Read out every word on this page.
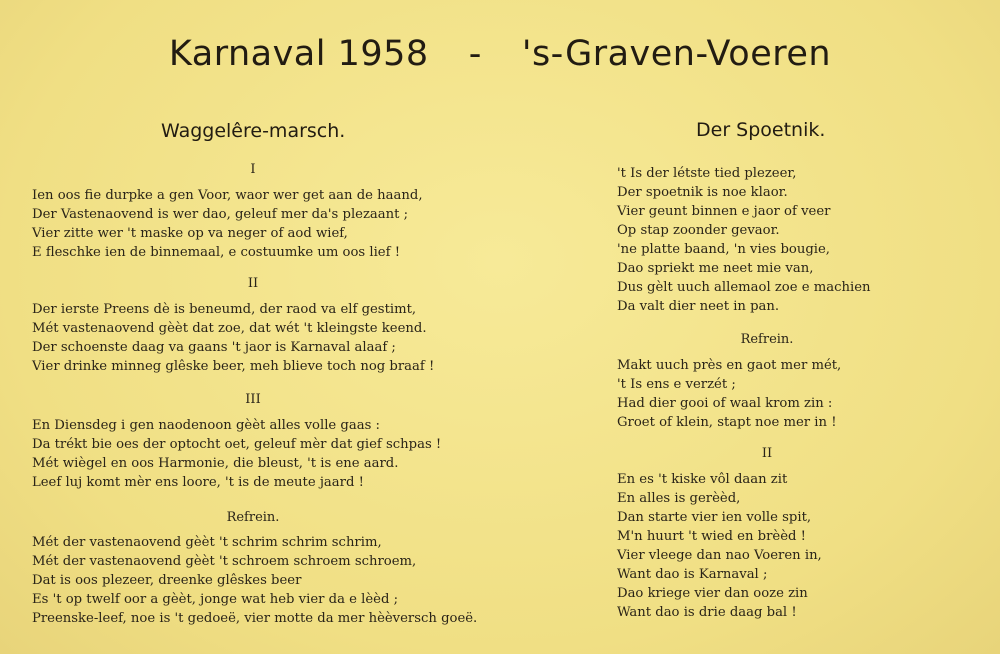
Karnaval 1958 - 's-Graven-Voeren
Waggelêre-marsch.
I
Ien oos fie durpke a gen Voor, waor wer get aan de haand,
Der Vastenaovend is wer dao, geleuf mer da's plezaant ;
Vier zitte wer 't maske op va neger of aod wief,
E fleschke ien de binnemaal, e costuumke um oos lief !
II
Der ierste Preens dè is beneumd, der raod va elf gestimt,
Mét vastenaovend gèèt dat zoe, dat wét 't kleingste keend.
Der schoenste daag va gaans 't jaor is Karnaval alaaf ;
Vier drinke minneg glêske beer, meh blieve toch nog braaf !
III
En Diensdeg i gen naodenoon gèèt alles volle gaas :
Da trékt bie oes der optocht oet, geleuf mèr dat gief schpas !
Mét wiègel en oos Harmonie, die bleust, 't is ene aard.
Leef luj komt mèr ens loore, 't is de meute jaard !
Refrein.
Mét der vastenaovend gèèt 't schrim schrim schrim,
Mét der vastenaovend gèèt 't schroem schroem schroem,
Dat is oos plezeer, dreenke glêskes beer
Es 't op twelf oor a gèèt, jonge wat heb vier da e lèèd ;
Preenske-leef, noe is 't gedoeë, vier motte da mer hèèversch goeë.
Der Spoetnik.
't Is der létste tied plezeer,
Der spoetnik is noe klaor.
Vier geunt binnen e jaor of veer
Op stap zoonder gevaor.
'ne platte baand, 'n vies bougie,
Dao spriekt me neet mie van,
Dus gèlt uuch allemaol zoe e machien
Da valt dier neet in pan.
Refrein.
Makt uuch près en gaot mer mét,
't Is ens e verzét ;
Had dier gooi of waal krom zin :
Groet of klein, stapt noe mer in !
II
En es 't kiske vôl daan zit
En alles is gerèèd,
Dan starte vier ien volle spit,
M'n huurt 't wied en brèèd !
Vier vleege dan nao Voeren in,
Want dao is Karnaval ;
Dao kriege vier dan ooze zin
Want dao is drie daag bal !
